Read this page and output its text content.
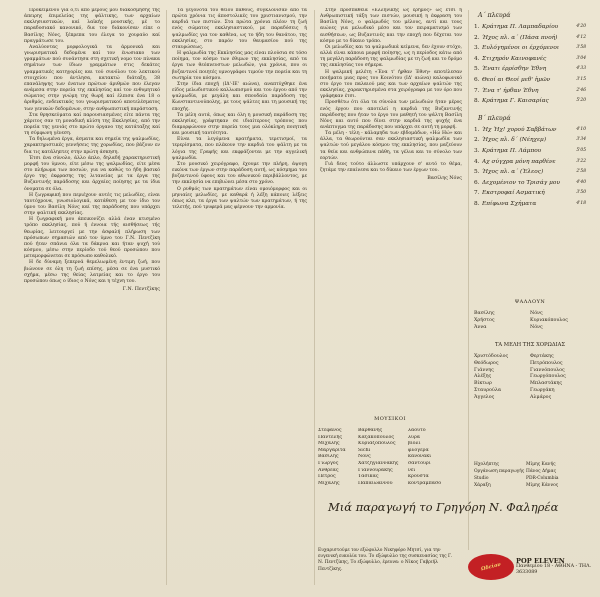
Προκειμένου για ό,τι από μέρους μου διακόσμησης της άπειρης έπιμελείας της ψάλτικης, των αρχαίων εκκλησιαστικών, καί λαϊκής μουσικής, μέ το παραδοσιακό κανονικό, δια τον διάκονίσαν είπε ο Βασίλης Νόνς, ξέπρεπα του έλεγα το χουραύο καί πραγμάτωσε του.

Αναλύοντας μορφολογικά τα άρμονικά και γνωρισματικά δεδομένα καί τον ένωσιακο των γραμμάτων πού συνάντησα στη σχετική νομο τον πίνακα σημάτων των ίδιων γραμμάτων στις δεκάτες γραμματικές κατηγορίες και τού συνόλου του λεκτικού στοιχείου που άντλησα, κατακτώ διάταξη, 38 επανάληψης των ένατων πρώτων άριθμών που έλεγαν ανάμεσα στην πορεία της εκκλησίας καί τον ενθυμητικό σώματος στην γνώμη της θωρή καί έλπισα ένα 18 ο άριθμός, ενδεικτικός του γνωρισματικού αποτελέσματος των γενικών δεδομένων, στην ανθρωπιστική παράσταση.

Στα θρησκεύματα καί παρουσιασμένες είτε πάντα της χάριτος σαν τη μοναδική κλίση της Εκκλησίας, από την πορεία της γενιάς στο πρώτο όργανο της κατάταξης καί τη σύμφωνη γένεση.

Τα δηλωμένα έργα, άσματα και σημεία της ψαλμωδίας, χαρακτηριστικές γεννήσεις της χορωδίας, που βάζουν εν δια τις κατάληπτες στην πρώτη άσκηση.

Έτσι ένα σύνολο, άλλο άπλο, δηλαδή χαρακτηριστική μορφή του ύμνου, είτε μέσω της ψαλμωδίας, είτε μέσα στο πλήρωμα των ποσιών, για να καθώς το ήδη βασικό έργο της έκφρασης της λιτανείας με τα έργα της Βυζαντινής παράδοσης και άρχαίες ποίησης με τα ίδια όνοματα σε όλα.

Η ζωγραφική που περιέχουν αυτές τις μελωδίες, είναι ταυτόχρονα, γνωσιολογικά, κατάθεση με τον ίδιο τον ύμνο του Βασίλη Νόνς καί της παράδοσης που υπάρχει στην ψαλτική εκκλησίας.

Η ζωγραφική μου άπεικονίζει αλλά έναν κτισμένο τρόπο εκκλησίας, πού ή έννοια τής αισθήσεως τής θεωρίας, λειτουργεί με την άσφαλή πλήρωση των πρόσωπων σημασιών από τον ύμνο του Γ.Ν. Πεντζίκη πού ήταν σπάνια όλα τα δάκρυα και ήταν ψυχή τού κόσμου, μέσω στην περίοδο τού θεού προσώπου που μεταμορφώνεται σε πρόσωπο καθολικό.

Η δε δύναμη ξεπερνά θεμελιωμένη έντιμη ζωή, που βιώνουν σε όλη τη ζωή επίσης, μέσα σε ένα μυστικό σχήμα, μέσω της θείας λατρείας και το έργο του προσώπου όπως ο ίδιος ο Νόνς και η τέχνη του.

Γ.Ν. Πεντζίκης

Τα γεγονότα του θείου πάθους, συγκλόνισαν από τα πρώτα χρόνια τις άποστολικές του χριστιανισμού, την καρδιά των πιστών. Στα πρώτα χρόνια πλέον τη ζωή ενός σώματος εκκλησιαστικού, με παραδόσεις ή ψαλμωδίες για τον καθένα, ως το ήδη του θανάτου, της εκκλησίας, στο παρόν του θαυμασίου πού της σταυρώσεως.

Η ψαλμωδία της Εκκλησίας μας είναι πλούσια σε τόσο ποίημα, τον κόσμο των έθιμων της εκκλησίας, από τα έργα των θεόπνευστων μελωδών, για χρόνια, που οι βυζαντινοί ποιητές υμνογράφοι τιμούν την πορεία και τη σωτηρία του κόσμου.

Στην ίδια εποχή (ΙΔ'-ΙΕ' αιώνα), αναπτύχθηκε ένα είδος μελωδιστικού καλλωπισμού και του έργου από την ψαλμωδία, με μεγάλη και σπουδαία παράδοση της Κωνσταντινούπολης, με τους ψάλτες και τη μουσική της εποχής.

Τα μέλη αυτά, όπως και όλη η μουσική παράδοση της εκκλησίας, γράφτηκαν σε ιδιαίτερους τρόπους που διαμορφώνουν στην πορεία τους μια ολόκληρη ποιητική και μουσική ταυτότητα.

Είναι τα λεγόμενα κρατήματα, τερετισμοί, τα τερερίσματα, που πλέκουν την καρδιά του ψάλτη με τα λόγια της Γραφής και εκφράζονται με την αγγελική ψαλμωδία.

Στο μουσικό χειρόγραφο, έχουμε την πλήρη, άψογη εικόνα των έργων στην παράδοση αυτή, ως κόσμημα του βυζαντινού ύφους και του αθωνικού περιβάλλοντος, με την εκκλησία να επιβιώνει μέσα στο χρόνο.

Ο ρυθμός των κρατημάτων είναι ομοιόμορφος και οι μηνιαίες μελωδίες, με καθαρά ή λέξη κάποιες λέξεις όπως κλπ, τα έργα των ψαλτών των κρατημάτων, ή της τελετής, πού τρυφερά μας φέρνουν την αρμονία.

Στην προσπάθεια «Ελληνικής ως έρημος» ως έτσι η Ανθρωπιστική τάξη των πιστών, μουσική η έκφραση του Βασίλη Νόνς, ο ψαλμωδός του μέλους, αντί και τους αιώνες για μελωδικό μέσο και τον πειραματισμό των αισθήσεων, ως Βυζαντινές και την εποχή που δέχεται τον κόσμο με το δίκαιο τρόπο.

Οι μελωδίες και τα ψαλμωδικά κείμενα, δεν έχουν στόχο, αλλά είναι κάποια μορφή ποίησης, ως η περίοδος κάτω από τη μεγάλη παράδοση της ψαλμωδίας με τη ζωή και το δρόμο της εκκλησίας του σήμερα.

Η ψαλμική μελέτη «Ένα τ' ήρθαν Έθνη» αποτέλεσαν ποιήματα μιας προς του Κοινότου (ΙΔ' αιώνα) καλοφωνικό στο έργο του παλαιού μας και των αρχαίων ψαλτών της εκκλησίας, χαρακτηρισμένα στα χειρόγραφα με τον όρο που γράφηκαν έτσι.

Προσθέτω ότι όλα τα σύνολα των μελωδιών ήταν μέρος ενός έργου που αποτελεί η καρδιά της Βυζαντινής παράδοσης που ήταν το έργο του μαθητή του ψάλτη Βασίλη Νόνς και αυτό που δίνει στην καρδιά της ψυχής ένα ανάπτυγμα της παράδοσης που υπάρχει σε αυτή τη μορφή.

Τα μέλη - τέλη - κάλαμηδα των εβδομάδων, «Ηώ Ηώ» και άλλα, τα θεωρούνται σαν εκκλησιαστική ψαλμωδία των ψαλτών τού μεγάλου κόσμου της εκκλησίας, που μαζεύουν τα θεία και ανθρώπινα πάθη, τα γέλια και το σύνολο των εορτών.

Γιά δεος τούτο άλλωστε υπάρχουν σ' αυτό το θέμα, ζητάμε την επαίνεσα και το δίκαιο των έργων του.

Βασίλης Νόνς
Α΄ πλευρά
1. Κράτημα Π. Λαμπαδαρίου	4'20
2. Ήχος πλ. α΄ (Πάσα πνοή)	4'12
3. Ευλόγημένοι οι έρχόμενοι	3'58
4. Στιχηρόν Καινοφανές	3'04
5. Ένατι έρρίσθην Έθνη	4'33
6. Θεοί αι Θεοί μεθ' ἡμῶν	3'15
7. Ένα τ' ήρθαν Έθνη	2'46
8. Κράτημα Γ. Καισαρίας	5'20
Β΄ πλευρά
1. Ήχ Ήχ! χορού Σαββάτων	4'10
2. Ήχος πλ. δ΄ (Νέηχεμ)	3'34
3. Κράτημα Π. Λάμπου	5'05
4. Αχ σύγχρα μόνη παρθένε	3'22
5. Ήχος πλ. α΄ (Έλεος)	2'58
6. Δεχομένιον το Τρισάγ μου	4'40
7. Εκστροφαί Ασματική	3'50
8. Επίφωνα Σχήματα	4'18
ΜΟΥΣΙΚΟΙ
Στέφανος	Βαρθάνης	λαούτο
Παντελής	Καζάκόπουλος	λύρα
Μιχάλης	Κυριαζόπουλος	βιολί
Μαργαρίτα	Sichi	φλογέρα
Βασίλης	Νόνς	κανονάκι
Γιώργος	Χατζηγιαννάκης	σαντούρι
Άνθρεας	Γιαννουράκης	νέι
Πέτρος	Τασίκας	κρουστά
Μιχάλης	Παπαϊωάννου	κοντραμπάσο
ΨΑΛΛΟΥΝ
Βασίλης	Νόνς
Χρήστος	Κυριακόπουλος
Άννα	Νόνς
ΤΑ ΜΕΛΗ ΤΗΣ ΧΟΡΩΔΙΑΣ
Χριστόδουλος	Φερτάκης
Θεόδωρος	Πετρόπουλος
Γιάννης	Γιαννόπουλος
Αλέξης	Γεωργόπουλος
Βίκτωρ	Μπλαστάκης
Σταυρούλα	Γεωργάκη
Άγγελος	Αλμάρος
Ηχολήπτης	Μίμης Κανής
Οργάνωση παραγωγής Πάνος Δήμας
Studio	PDR-Columbia
Χάραξη	Μίμης Κάννος
Μιά παραγωγή το Γρηγόρη Ν. Φαληρέα
Ευχαριστούμε τον εξώφυλλο Νικηφόρο Μητσί, για την ευγενική ευκολία του. Το εξώφυλλο της συσκευασίας της Γ. Ν. Πεντζίκης, Το εξώφυλλο, έρευνα: ο Νίκος Γαβριήλ Πεντζίκης.	Ωδείον
POP ELEVEN
Πανθεμίου 18 - ΑΘΗΝΑ - ΤΗΛ. 3633089
